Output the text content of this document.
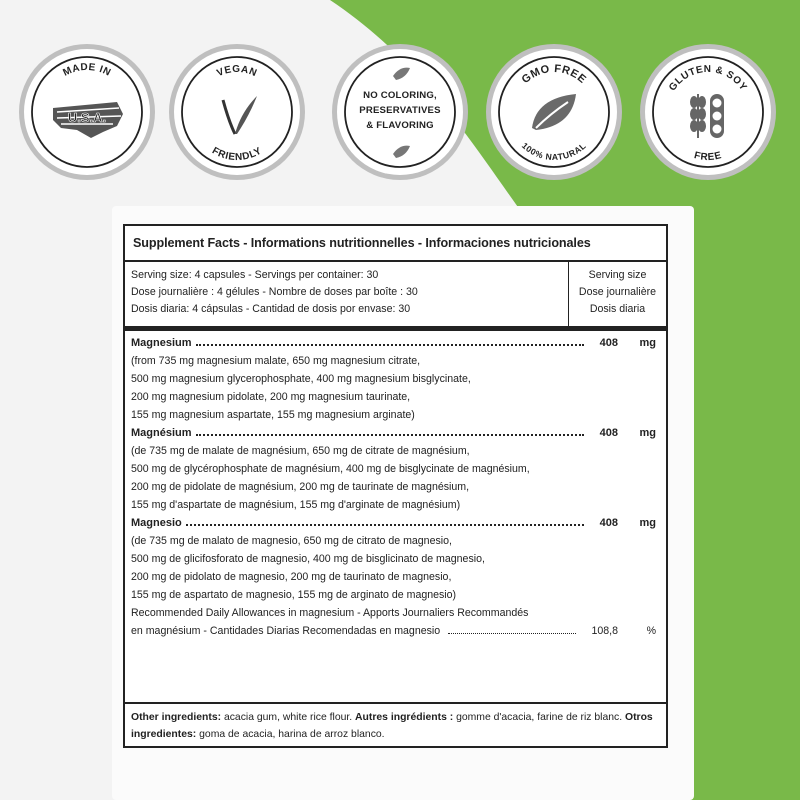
MADE IN
U.S.A.
VEGAN
FRIENDLY
NO COLORING,
PRESERVATIVES
& FLAVORING
GMO FREE
100% NATURAL
GLUTEN & SOY
FREE
Supplement Facts - Informations nutritionnelles - Informaciones nutricionales
Serving size: 4 capsules - Servings per container: 30
Dose journalière : 4 gélules - Nombre de doses par boîte : 30
Dosis diaria: 4 cápsulas - Cantidad de dosis por envase: 30
Serving size
Dose journalière
Dosis diaria
Magnesium	408	mg
(from 735 mg magnesium malate, 650 mg magnesium citrate,
500 mg magnesium glycerophosphate, 400 mg magnesium bisglycinate,
200 mg magnesium pidolate, 200 mg magnesium taurinate,
155 mg magnesium aspartate, 155 mg magnesium arginate)
Magnésium	408	mg
(de 735 mg de malate de magnésium, 650 mg de citrate de magnésium,
500 mg de glycérophosphate de magnésium, 400 mg de bisglycinate de magnésium,
200 mg de pidolate de magnésium, 200 mg de taurinate de magnésium,
155 mg d'aspartate de magnésium, 155 mg d'arginate de magnésium)
Magnesio	408	mg
(de 735 mg de malato de magnesio, 650 mg de citrato de magnesio,
500 mg de glicifosforato de magnesio, 400 mg de bisglicinato de magnesio,
200 mg de pidolato de magnesio, 200 mg de taurinato de magnesio,
155 mg de aspartato de magnesio, 155 mg de arginato de magnesio)
Recommended Daily Allowances in magnesium - Apports Journaliers Recommandés
en magnésium - Cantidades Diarias Recomendadas en magnesio	108,8	%
Other ingredients: acacia gum, white rice flour. Autres ingrédients : gomme d'acacia, farine de riz blanc. Otros ingredientes: goma de acacia, harina de arroz blanco.
